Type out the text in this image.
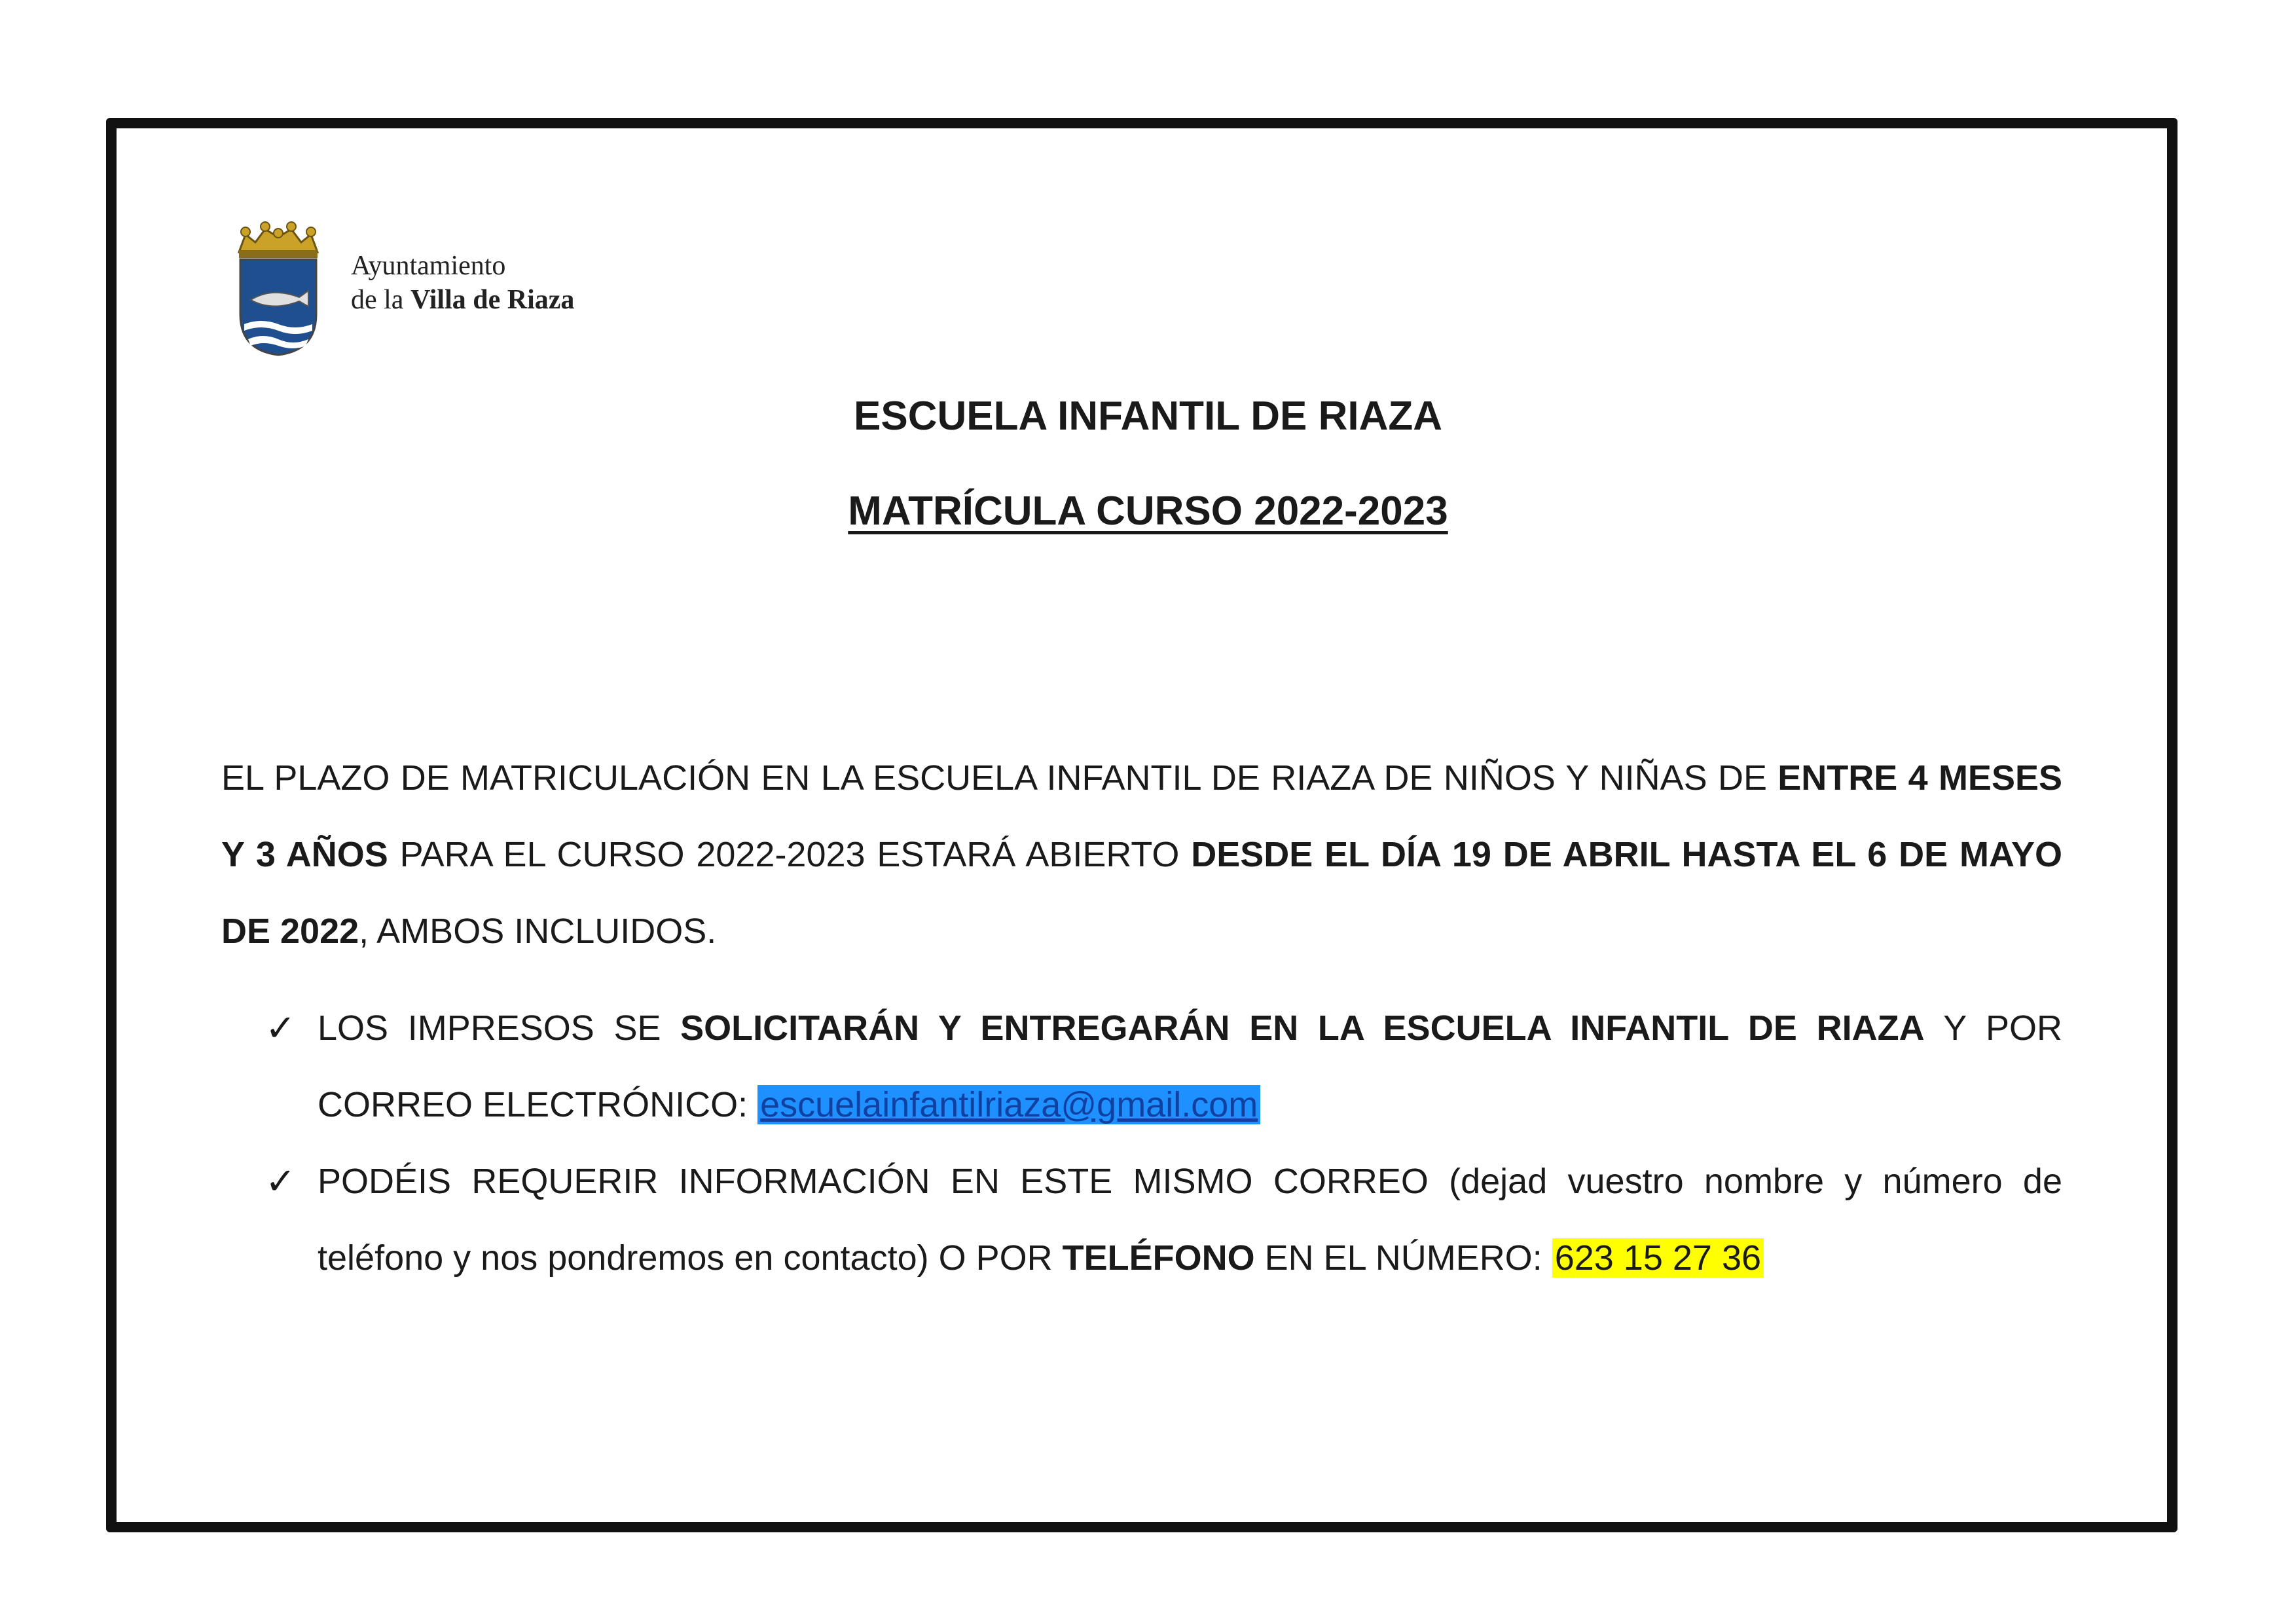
Ayuntamiento
de la Villa de Riaza
ESCUELA INFANTIL DE RIAZA
MATRÍCULA CURSO 2022-2023
EL PLAZO DE MATRICULACIÓN EN LA ESCUELA INFANTIL DE RIAZA DE NIÑOS Y NIÑAS DE ENTRE 4 MESES Y 3 AÑOS PARA EL CURSO 2022-2023 ESTARÁ ABIERTO DESDE EL DÍA 19 DE ABRIL HASTA EL 6 DE MAYO DE 2022, AMBOS INCLUIDOS.
✓ LOS IMPRESOS SE SOLICITARÁN Y ENTREGARÁN EN LA ESCUELA INFANTIL DE RIAZA Y POR CORREO ELECTRÓNICO: escuelainfantilriaza@gmail.com
✓ PODÉIS REQUERIR INFORMACIÓN EN ESTE MISMO CORREO (dejad vuestro nombre y número de teléfono y nos pondremos en contacto) O POR TELÉFONO EN EL NÚMERO: 623 15 27 36
